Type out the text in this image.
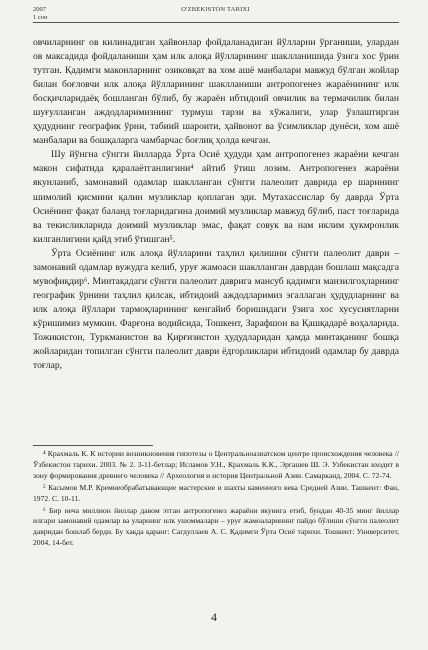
2007
1 сон
O'ZBEKISTON TARIXI

овчиларнинг ов килинадиган ҳайвонлар фойдаланадиган йўлларни ўрганиши, улардан ов максадида фойдаланиши ҳам илк алоқа йўлларининг шаклланишида ўзига хос ўрин тутган. Қадимги маконларнинг озиковқат ва хом ашё манбалари мавжуд бўлган жойлар билан боғловчи илк алоқа йўлларининг шаклланиши антропогенез жараёнининг илк босқичларидаёқ бошланган бўлиб, бу жараён ибтидоий овчилик ва термачилик билан шуғулланган аждодларимизнинг турмуш тарзи ва хўжалиги, улар ўзлаштирган ҳудуднинг географик ўрни, табиий шароити, ҳайвонот ва ўсимликлар дунёси, хом ашё манбалари ва бошқаларга чамбарчас боғлиқ ҳолда кечган.

Шу йўнгна сўнгги йилларда Ўрта Осиё ҳудуди ҳам антропогенез жараёни кечган макон сифатида қаралаётганлигини⁴ айтиб ўтиш лозим. Антропогенез жараёни якунланиб, замонавий одамлар шаклланган сўнгги палеолит даврида ер шарининг шимолий қисмини қалин музликлар қоплаган эди. Мутахассислар бу даврда Ўрта Осиёнинг фақат баланд тоғларидагина доимий музликлар мавжуд бўлиб, паст тоғларида ва текисликларида доимий музликлар эмас, фақат совук ва нам иклим ҳукмронлик килганлигини қайд этиб ўтишган⁵.

Ўрта Осиёнинг илк алоқа йўлларини таҳлил қилишни сўнгги палеолит даври – замонавий одамлар вужудга келиб, уруғ жамоаси шаклланган даврдан бошлаш мақсадга мувофиқдир⁶. Минтақадаги сўнгги палеолит даврига мансуб қадимги манзилгоҳларнинг географик ўрнини таҳлил қилсак, ибтидоий аждодларимиз эгаллаган ҳудудларнинг ва илк алоқа йўллари тармоқларининг кенгайиб боришидаги ўзига хос хусусиятларни кўришимиз мумкин. Фарғона водийсида, Тошкент, Зарафшон ва Қашқадарё воҳаларида. Тожикистон, Туркманистон ва Қирғизистон ҳудудларидан ҳамда минтақанинг бошқа жойларидан топилган сўнгги палеолит даври ёдгорликлари ибтидоий одамлар бу даврда тоғлар,

⁴ Крахмаль К. К истории возникновения гипотезы о Центральноазиатском центре происхождения человека // Ўзбекистон тарихи. 2003. № 2. 3-11-бетлар; Исламов У.Н., Крахмаль К.К., Эргашев Ш. Э. Узбекистан входит в зону формирования древнего человека // Археология и история Центральной Азии. Самарканд, 2004. С. 72-74.

⁵ Касымов М.Р. Кремнеобрабатывающие мастерские и шахты каменного века Средней Азии. Ташкент: Фан, 1972. С. 10-11.

⁶ Бир неча миллион йиллар давом этган антропогенез жараёни якунига етиб, бундан 40-35 минг йиллар илгари замонавий одамлар ва уларнинг илк ушоммалари – уруғ жамоаларининг пайдо бўлиши сўнгги палеолит давридан бошлаб берди. Бу хақда қаранг: Сагдуллаев А. С. Қадимги Ўрта Осиё тарихи. Тошкент: Университет, 2004, 14-бет.

4
